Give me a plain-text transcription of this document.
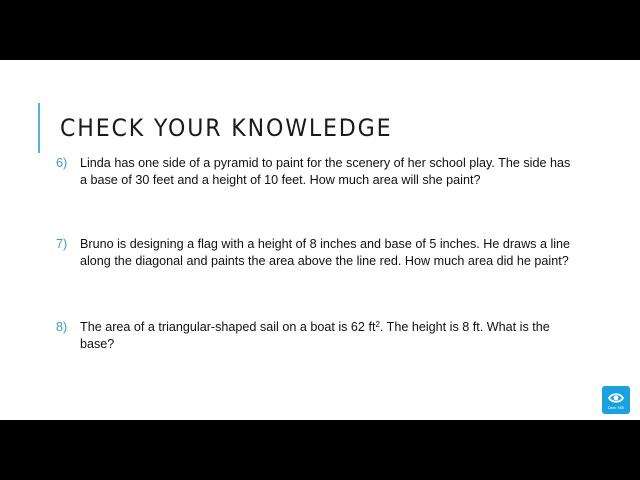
CHECK YOUR KNOWLEDGE
6) Linda has one side of a pyramid to paint for the scenery of her school play. The side has a base of 30 feet and a height of 10 feet. How much area will she paint?
7) Bruno is designing a flag with a height of 8 inches and base of 5 inches. He draws a line along the diagonal and paints the area above the line red. How much area did he paint?
8) The area of a triangular-shaped sail on a boat is 62 $ft^2$. The height is 8 ft. What is the base?
Dark 360
